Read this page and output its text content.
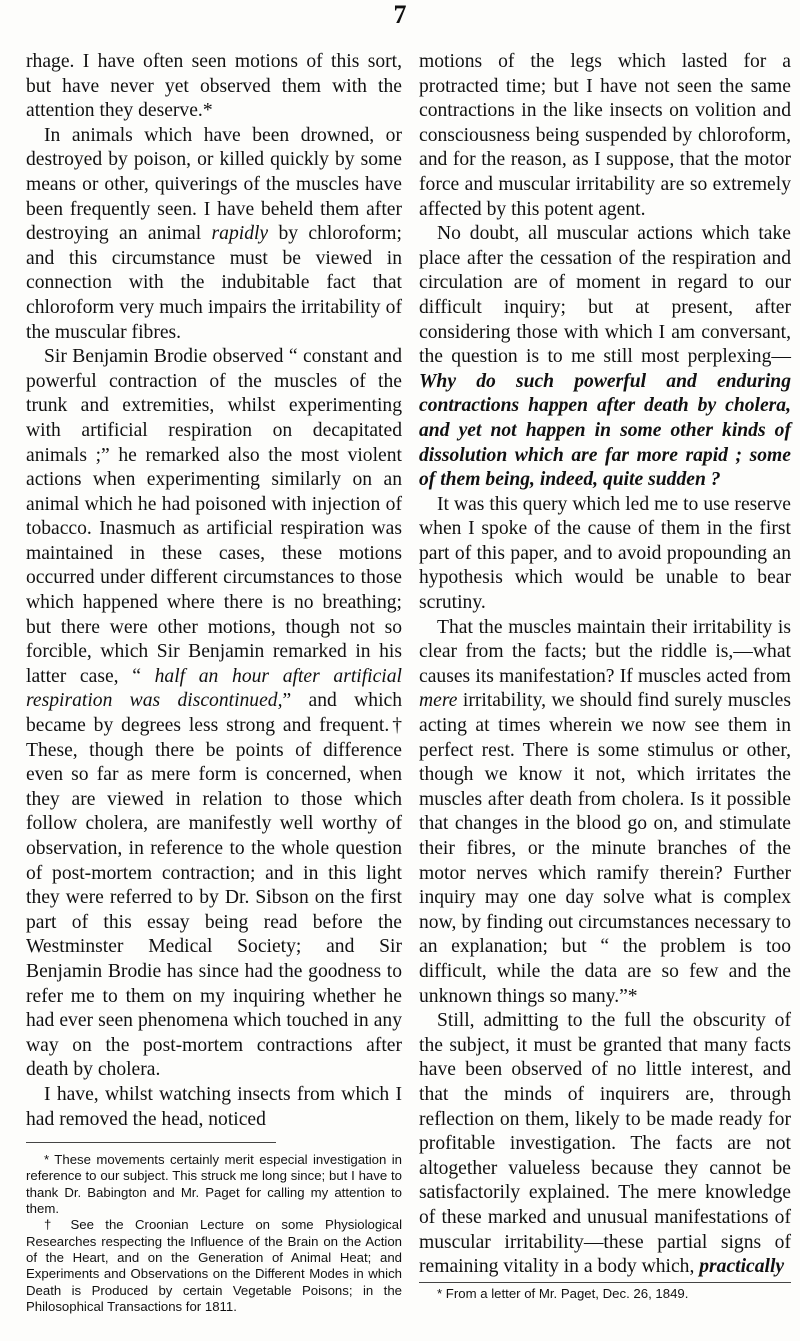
7

rhage. I have often seen motions of this sort, but have never yet observed them with the attention they deserve.*

In animals which have been drowned, or destroyed by poison, or killed quickly by some means or other, quiverings of the muscles have been frequently seen. I have beheld them after destroying an animal rapidly by chloroform; and this circumstance must be viewed in connection with the indubitable fact that chloroform very much impairs the irritability of the muscular fibres.

Sir Benjamin Brodie observed “ constant and powerful contraction of the muscles of the trunk and extremities, whilst experimenting with artificial respiration on decapitated animals ;” he remarked also the most violent actions when experimenting similarly on an animal which he had poisoned with injection of tobacco. Inasmuch as artificial respiration was maintained in these cases, these motions occurred under different circumstances to those which happened where there is no breathing; but there were other motions, though not so forcible, which Sir Benjamin remarked in his latter case, “ half an hour after artificial respiration was discontinued,” and which became by degrees less strong and frequent.† These, though there be points of difference even so far as mere form is concerned, when they are viewed in relation to those which follow cholera, are manifestly well worthy of observation, in reference to the whole question of post-mortem contraction; and in this light they were referred to by Dr. Sibson on the first part of this essay being read before the Westminster Medical Society; and Sir Benjamin Brodie has since had the goodness to refer me to them on my inquiring whether he had ever seen phenomena which touched in any way on the post-mortem contractions after death by cholera.

I have, whilst watching insects from which I had removed the head, noticed

* These movements certainly merit especial investigation in reference to our subject. This struck me long since; but I have to thank Dr. Babington and Mr. Paget for calling my attention to them.

† See the Croonian Lecture on some Physiological Researches respecting the Influence of the Brain on the Action of the Heart, and on the Generation of Animal Heat; and Experiments and Observations on the Different Modes in which Death is Produced by certain Vegetable Poisons; in the Philosophical Transactions for 1811.

motions of the legs which lasted for a protracted time; but I have not seen the same contractions in the like insects on volition and consciousness being suspended by chloroform, and for the reason, as I suppose, that the motor force and muscular irritability are so extremely affected by this potent agent.

No doubt, all muscular actions which take place after the cessation of the respiration and circulation are of moment in regard to our difficult inquiry; but at present, after considering those with which I am conversant, the question is to me still most perplexing—Why do such powerful and enduring contractions happen after death by cholera, and yet not happen in some other kinds of dissolution which are far more rapid ; some of them being, indeed, quite sudden ?

It was this query which led me to use reserve when I spoke of the cause of them in the first part of this paper, and to avoid propounding an hypothesis which would be unable to bear scrutiny.

That the muscles maintain their irritability is clear from the facts; but the riddle is,—what causes its manifestation? If muscles acted from mere irritability, we should find surely muscles acting at times wherein we now see them in perfect rest. There is some stimulus or other, though we know it not, which irritates the muscles after death from cholera. Is it possible that changes in the blood go on, and stimulate their fibres, or the minute branches of the motor nerves which ramify therein? Further inquiry may one day solve what is complex now, by finding out circumstances necessary to an explanation; but “ the problem is too difficult, while the data are so few and the unknown things so many.”*

Still, admitting to the full the obscurity of the subject, it must be granted that many facts have been observed of no little interest, and that the minds of inquirers are, through reflection on them, likely to be made ready for profitable investigation. The facts are not altogether valueless because they cannot be satisfactorily explained. The mere knowledge of these marked and unusual manifestations of muscular irritability—these partial signs of remaining vitality in a body which, practically

* From a letter of Mr. Paget, Dec. 26, 1849.
